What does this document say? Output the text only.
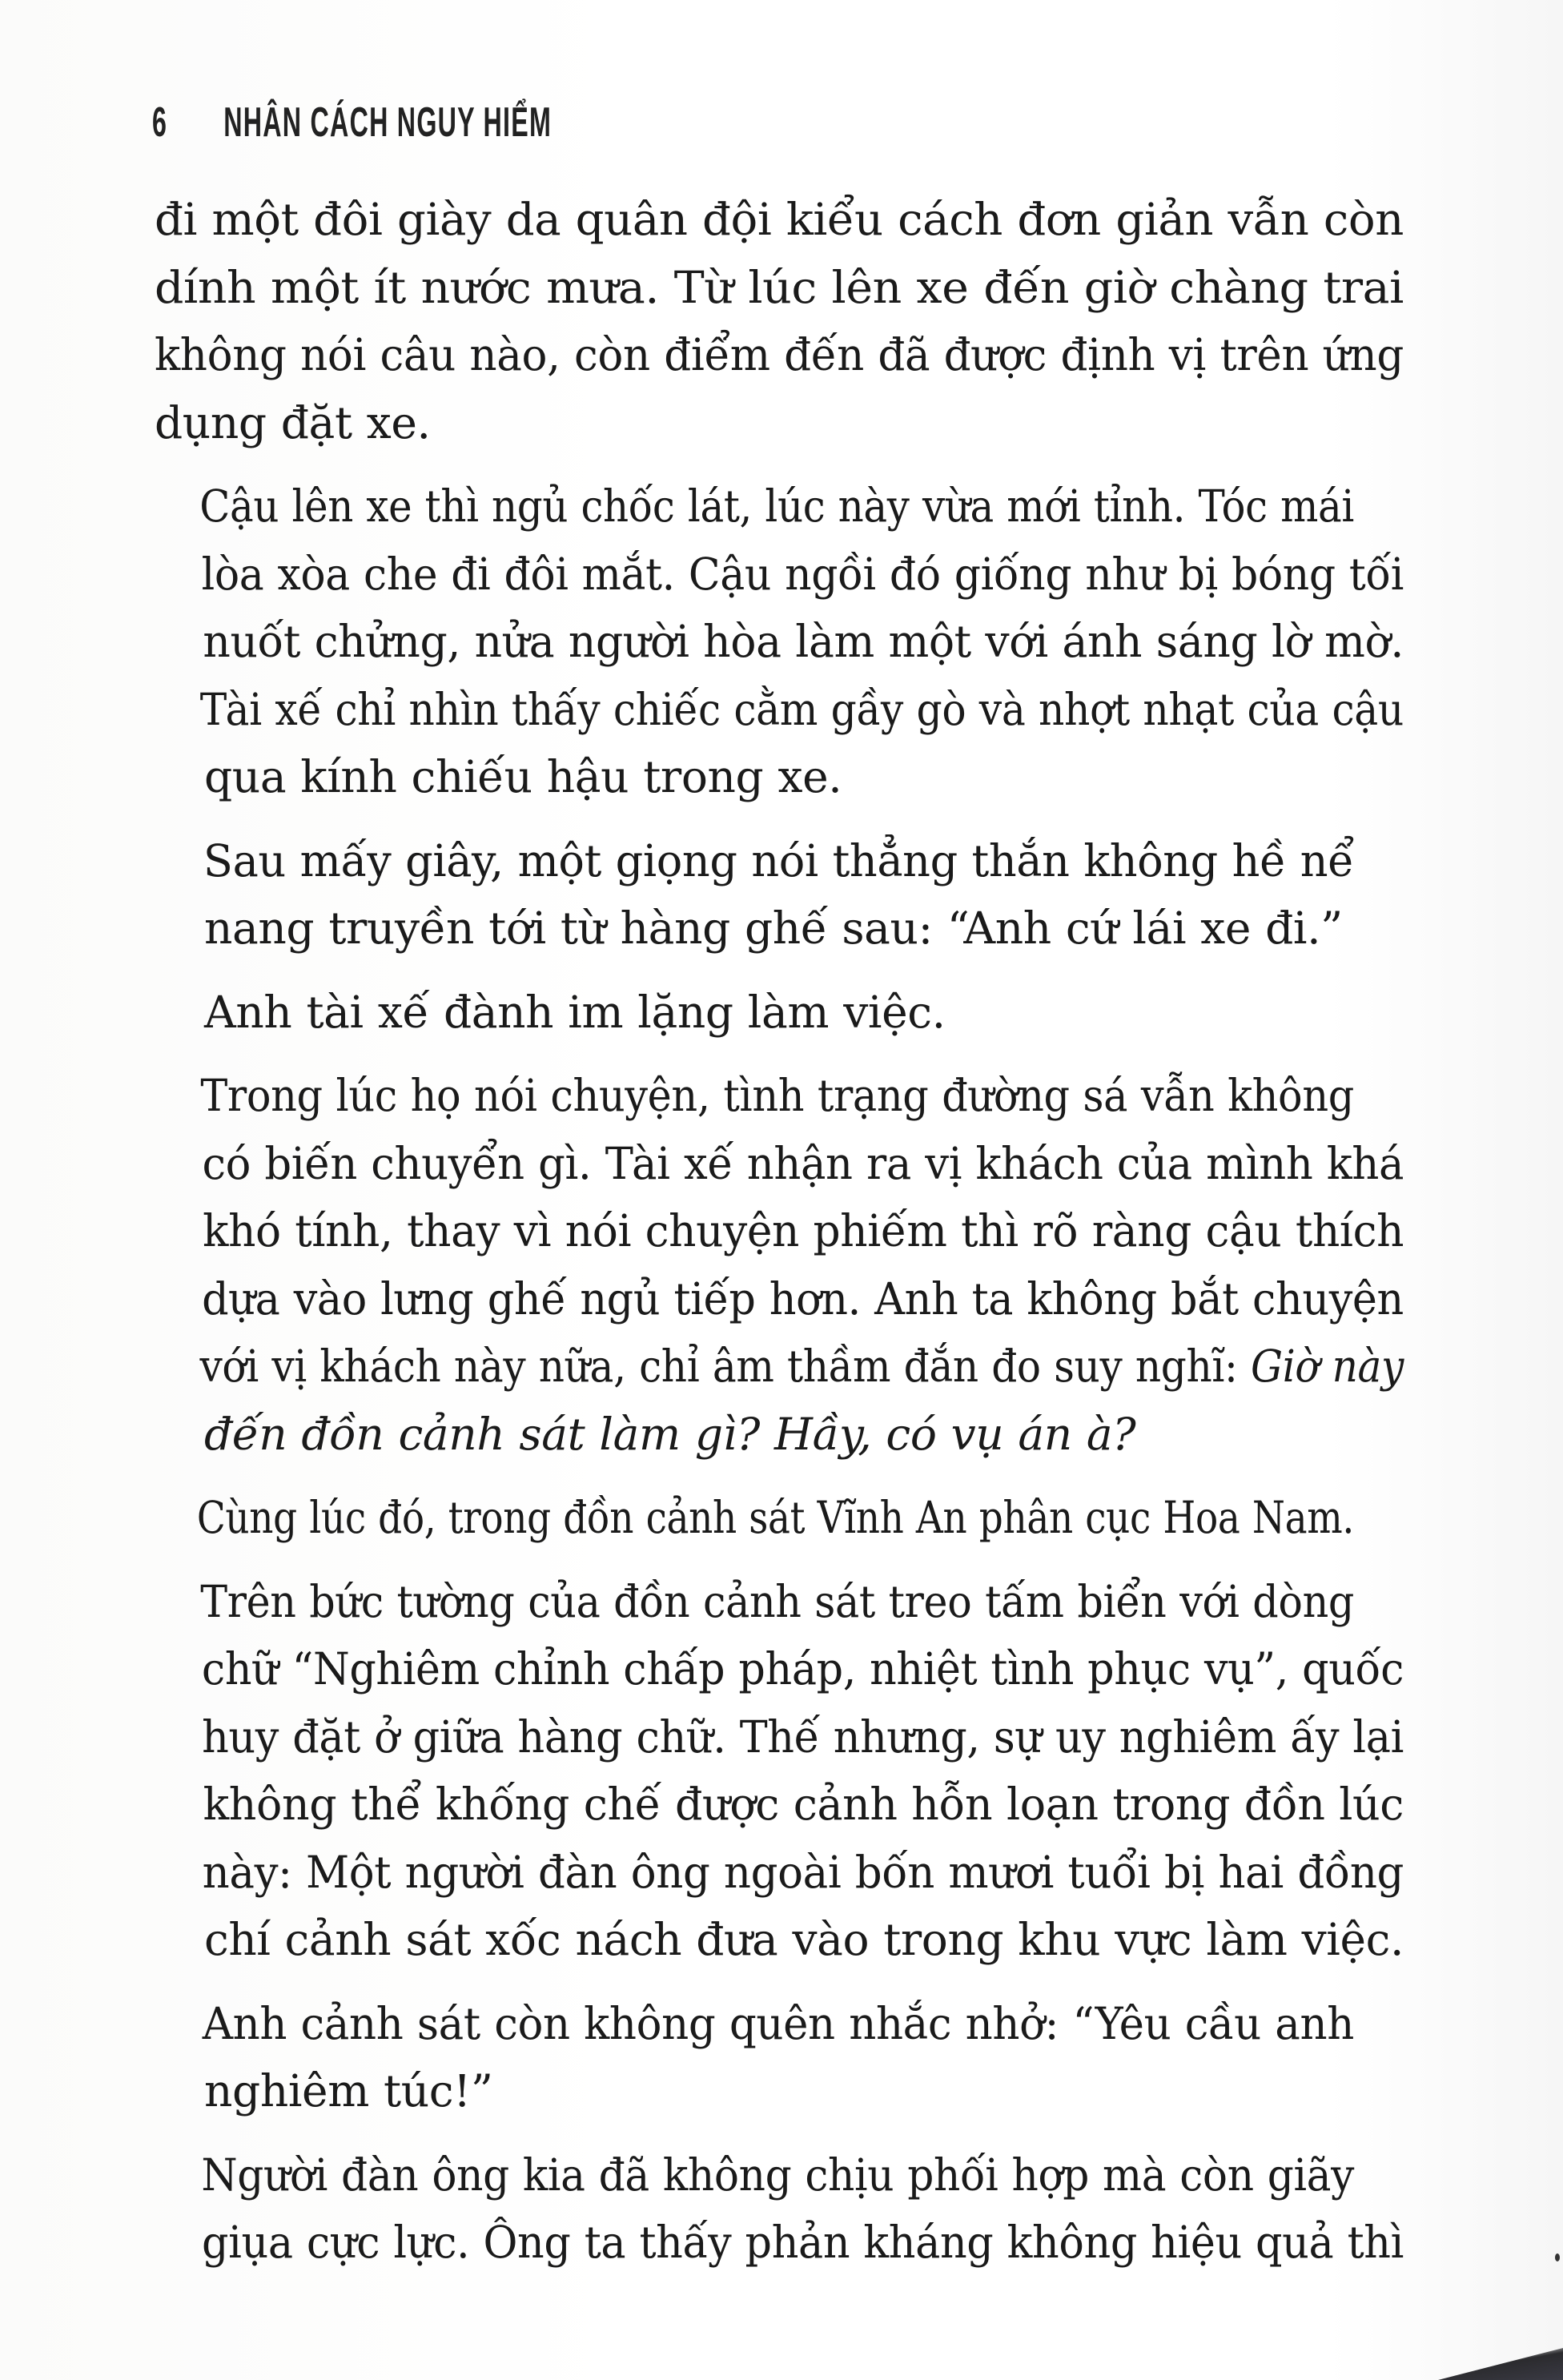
6 NHÂN CÁCH NGUY HIỂM

đi một đôi giày da quân đội kiểu cách đơn giản vẫn còn
dính một ít nước mưa. Từ lúc lên xe đến giờ chàng trai
không nói câu nào, còn điểm đến đã được định vị trên ứng
dụng đặt xe.

Cậu lên xe thì ngủ chốc lát, lúc này vừa mới tỉnh. Tóc mái
lòa xòa che đi đôi mắt. Cậu ngồi đó giống như bị bóng tối
nuốt chửng, nửa người hòa làm một với ánh sáng lờ mờ.
Tài xế chỉ nhìn thấy chiếc cằm gầy gò và nhợt nhạt của cậu
qua kính chiếu hậu trong xe.

Sau mấy giây, một giọng nói thẳng thắn không hề nể
nang truyền tới từ hàng ghế sau: “Anh cứ lái xe đi.”

Anh tài xế đành im lặng làm việc.

Trong lúc họ nói chuyện, tình trạng đường sá vẫn không
có biến chuyển gì. Tài xế nhận ra vị khách của mình khá
khó tính, thay vì nói chuyện phiếm thì rõ ràng cậu thích
dựa vào lưng ghế ngủ tiếp hơn. Anh ta không bắt chuyện
với vị khách này nữa, chỉ âm thầm đắn đo suy nghĩ: Giờ này
đến đồn cảnh sát làm gì? Hầy, có vụ án à?

Cùng lúc đó, trong đồn cảnh sát Vĩnh An phân cục Hoa Nam.

Trên bức tường của đồn cảnh sát treo tấm biển với dòng
chữ “Nghiêm chỉnh chấp pháp, nhiệt tình phục vụ”, quốc
huy đặt ở giữa hàng chữ. Thế nhưng, sự uy nghiêm ấy lại
không thể khống chế được cảnh hỗn loạn trong đồn lúc
này: Một người đàn ông ngoài bốn mươi tuổi bị hai đồng
chí cảnh sát xốc nách đưa vào trong khu vực làm việc.

Anh cảnh sát còn không quên nhắc nhở: “Yêu cầu anh
nghiêm túc!”

Người đàn ông kia đã không chịu phối hợp mà còn giãy
giụa cực lực. Ông ta thấy phản kháng không hiệu quả thì
